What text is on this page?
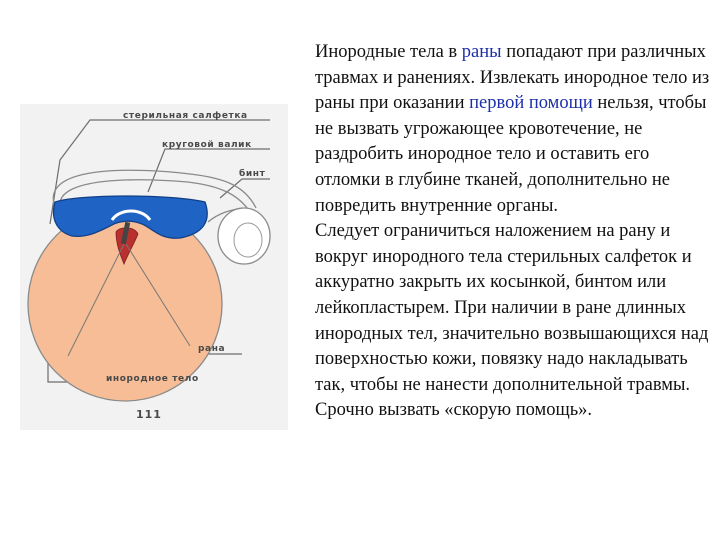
стерильная салфетка
круговой валик
бинт
рана
инородное тело
111

Инородные тела в раны попадают при различных травмах и ранениях. Извлекать инородное тело из раны при оказании первой помощи нельзя, чтобы не вызвать угрожающее кровотечение, не раздробить инородное тело и оставить его отломки в глубине тканей, дополнительно не повредить внутренние органы.

Следует ограничиться наложением на рану и вокруг инородного тела стерильных салфеток и аккуратно закрыть их косынкой, бинтом или лейкопластырем. При наличии в ране длинных инородных тел, значительно возвышающихся над поверхностью кожи, повязку надо накладывать так, чтобы не нанести дополнительной травмы. Срочно вызвать «скорую помощь».
